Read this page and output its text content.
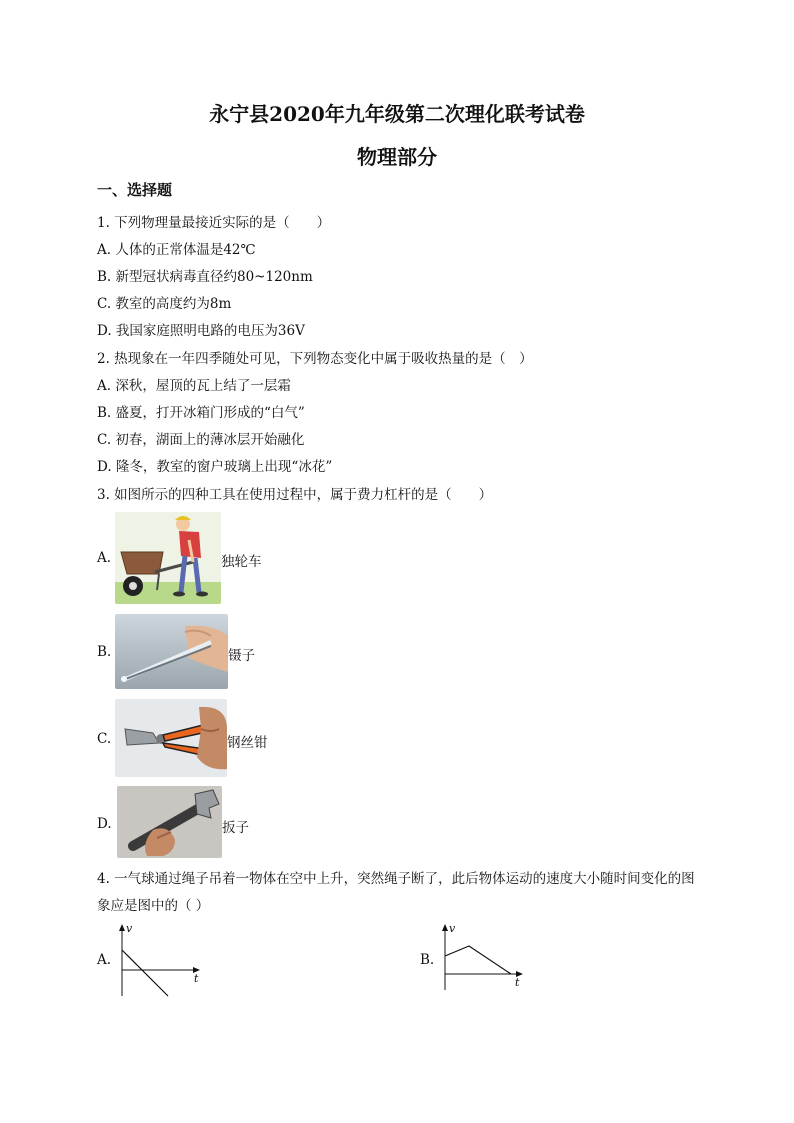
永宁县2020年九年级第二次理化联考试卷
物理部分
一、选择题
1. 下列物理量最接近实际的是（　　）
A. 人体的正常体温是42℃
B. 新型冠状病毒直径约80~120nm
C. 教室的高度约为8m
D. 我国家庭照明电路的电压为36V
2. 热现象在一年四季随处可见，下列物态变化中属于吸收热量的是（　）
A. 深秋，屋顶的瓦上结了一层霜
B. 盛夏，打开冰箱门形成的“白气”
C. 初春，湖面上的薄冰层开始融化
D. 隆冬，教室的窗户玻璃上出现“冰花”
3. 如图所示的四种工具在使用过程中，属于费力杠杆的是（　　）
A.	独轮车
B.	镊子
C.	钢丝钳
D.	扳子
4. 一气球通过绳子吊着一物体在空中上升，突然绳子断了，此后物体运动的速度大小随时间变化的图象应是图中的（ ）
A.
v
t
B.
v
t
